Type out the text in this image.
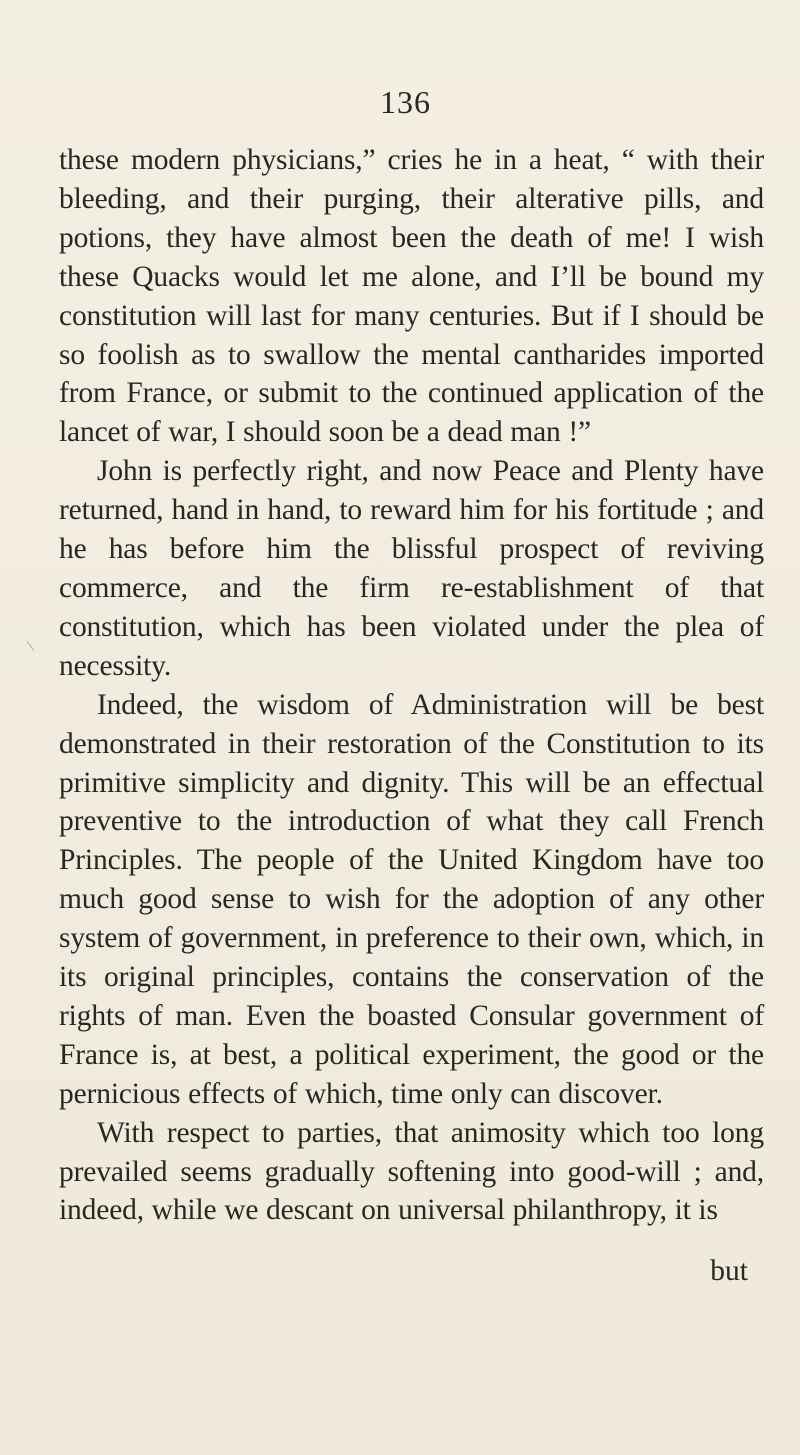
136

these modern physicians,” cries he in a heat, “ with their bleeding, and their purging, their alterative pills, and potions, they have almost been the death of me! I wish these Quacks would let me alone, and I’ll be bound my constitution will last for many centuries. But if I should be so foolish as to swallow the mental cantharides imported from France, or submit to the continued application of the lancet of war, I should soon be a dead man !”

John is perfectly right, and now Peace and Plenty have returned, hand in hand, to reward him for his fortitude ; and he has before him the blissful prospect of reviving commerce, and the firm re-establishment of that constitution, which has been violated under the plea of necessity.

Indeed, the wisdom of Administration will be best demonstrated in their restoration of the Constitution to its primitive simplicity and dignity. This will be an effectual preventive to the introduction of what they call French Principles. The people of the United Kingdom have too much good sense to wish for the adoption of any other system of government, in preference to their own, which, in its original principles, contains the conservation of the rights of man. Even the boasted Consular government of France is, at best, a political experiment, the good or the pernicious effects of which, time only can discover.

With respect to parties, that animosity which too long prevailed seems gradually softening into good-will ; and, indeed, while we descant on universal philanthropy, it is

but
